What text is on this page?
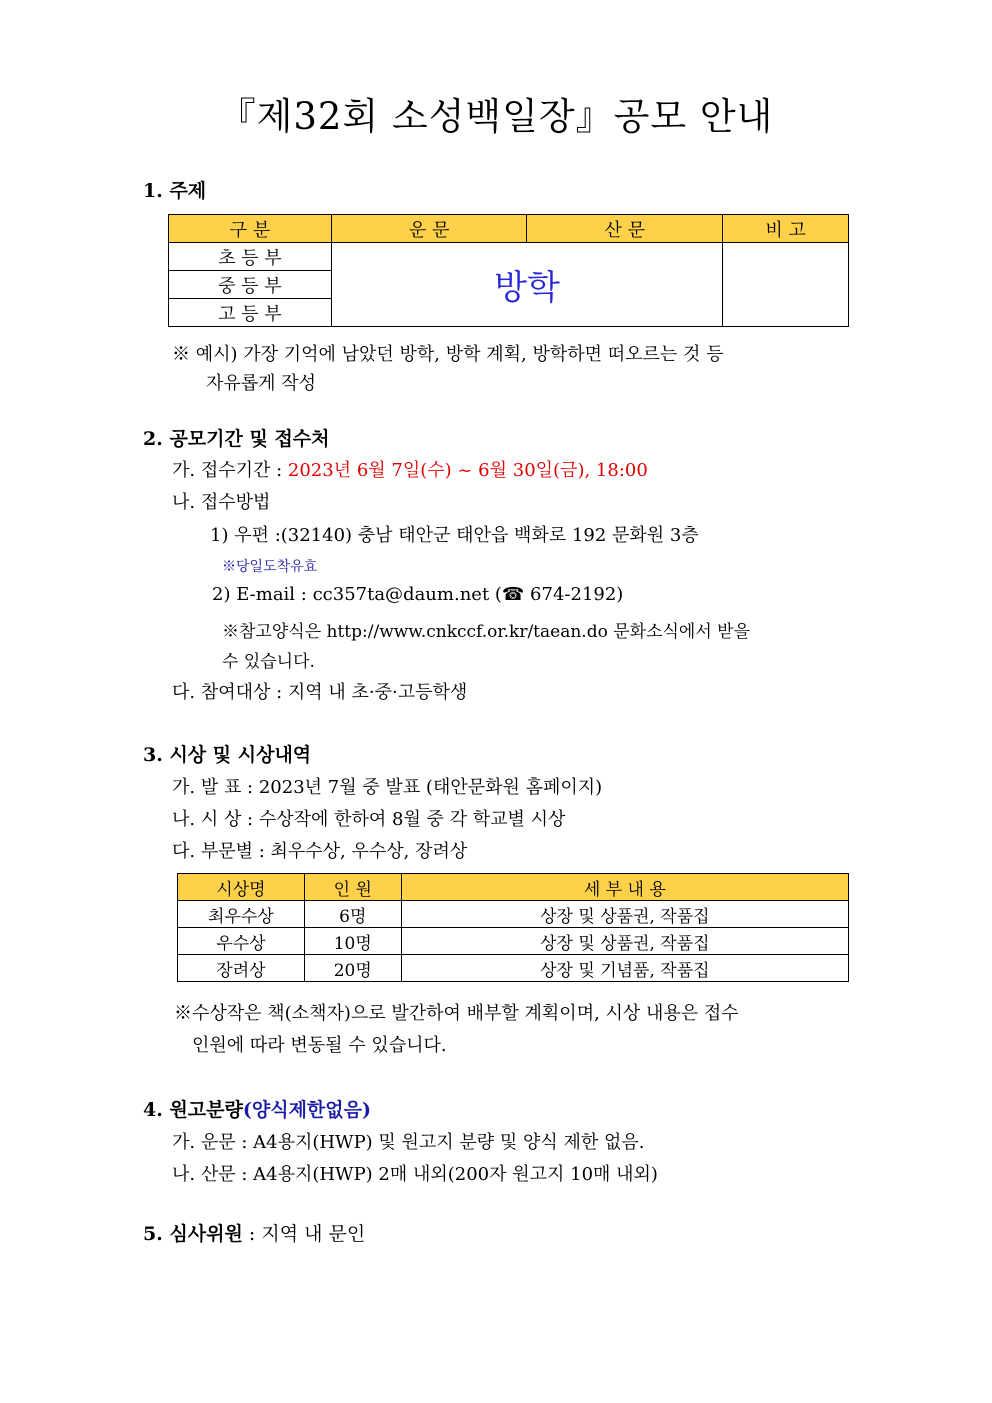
『제32회 소성백일장』공모 안내
1. 주제
구 분	운 문	산 문	비 고
초 등 부	방학		
중 등 부			
고 등 부			
※ 예시) 가장 기억에 남았던 방학, 방학 계획, 방학하면 떠오르는 것 등
자유롭게 작성
2. 공모기간 및 접수처
가. 접수기간 : 2023년 6월 7일(수) ~ 6월 30일(금), 18:00
나. 접수방법
1) 우편 :(32140) 충남 태안군 태안읍 백화로 192 문화원 3층
※당일도착유효
2) E-mail : cc357ta@daum.net (☎ 674-2192)
※참고양식은 http://www.cnkccf.or.kr/taean.do 문화소식에서 받을
수 있습니다.
다. 참여대상 : 지역 내 초·중·고등학생
3. 시상 및 시상내역
가. 발 표 : 2023년 7월 중 발표 (태안문화원 홈페이지)
나. 시 상 : 수상작에 한하여 8월 중 각 학교별 시상
다. 부문별 : 최우수상, 우수상, 장려상
시상명	인 원	세 부 내 용
최우수상	6명	상장 및 상품권, 작품집
우수상	10명	상장 및 상품권, 작품집
장려상	20명	상장 및 기념품, 작품집
※수상작은 책(소책자)으로 발간하여 배부할 계획이며, 시상 내용은 접수
인원에 따라 변동될 수 있습니다.
4. 원고분량(양식제한없음)
가. 운문 : A4용지(HWP) 및 원고지 분량 및 양식 제한 없음.
나. 산문 : A4용지(HWP) 2매 내외(200자 원고지 10매 내외)
5. 심사위원 : 지역 내 문인
